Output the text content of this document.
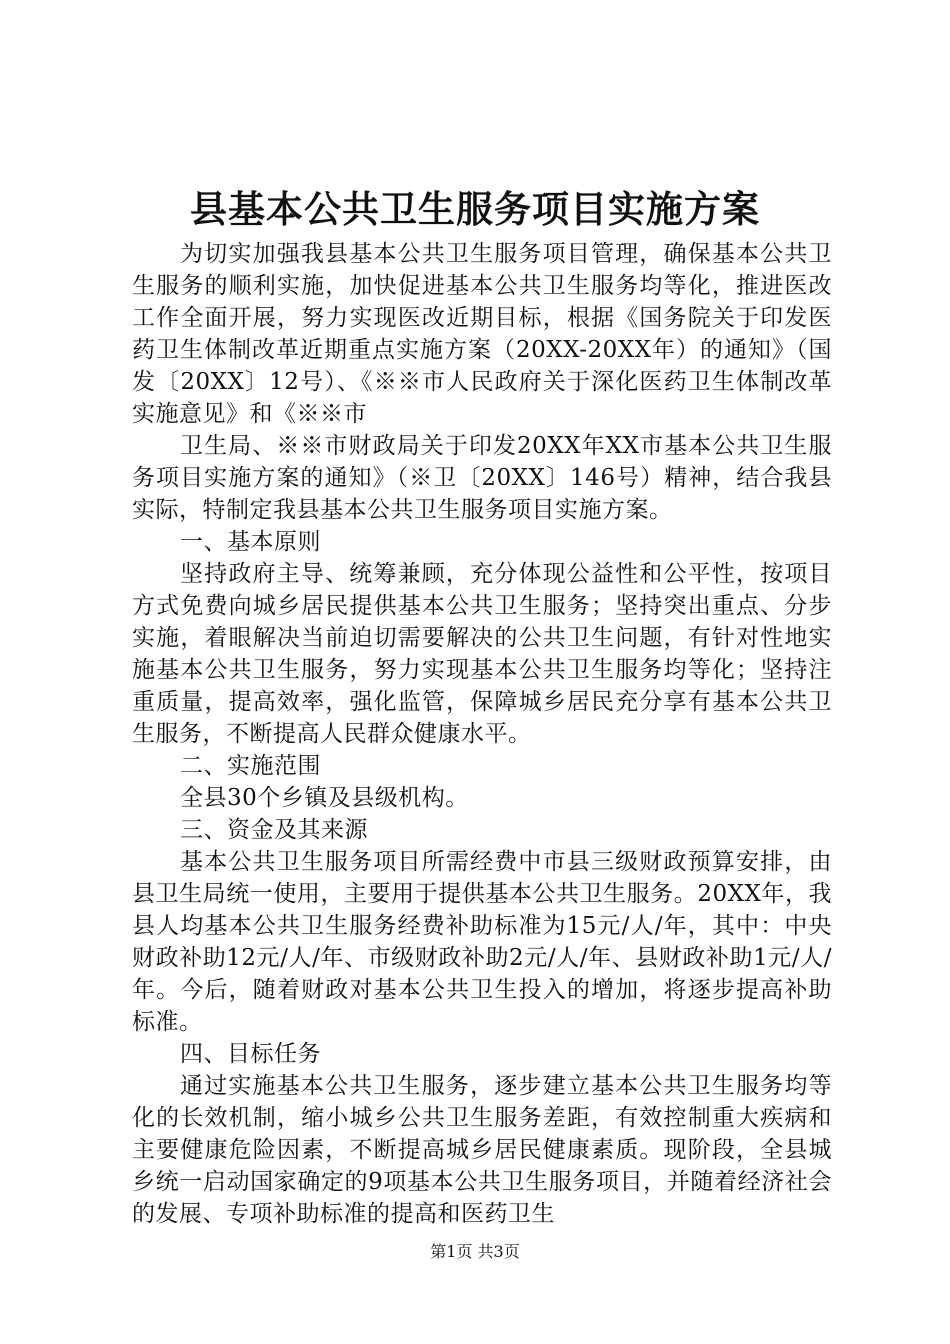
县基本公共卫生服务项目实施方案

为切实加强我县基本公共卫生服务项目管理，确保基本公共卫生服务的顺利实施，加快促进基本公共卫生服务均等化，推进医改工作全面开展，努力实现医改近期目标，根据《国务院关于印发医药卫生体制改革近期重点实施方案（20XX-20XX年）的通知》（国发〔20XX〕12号）、《※※市人民政府关于深化医药卫生体制改革实施意见》和《※※市

卫生局、※※市财政局关于印发20XX年XX市基本公共卫生服务项目实施方案的通知》（※卫〔20XX〕146号）精神，结合我县实际，特制定我县基本公共卫生服务项目实施方案。

一、基本原则

坚持政府主导、统筹兼顾，充分体现公益性和公平性，按项目方式免费向城乡居民提供基本公共卫生服务；坚持突出重点、分步实施，着眼解决当前迫切需要解决的公共卫生问题，有针对性地实施基本公共卫生服务，努力实现基本公共卫生服务均等化；坚持注重质量，提高效率，强化监管，保障城乡居民充分享有基本公共卫生服务，不断提高人民群众健康水平。

二、实施范围

全县30个乡镇及县级机构。

三、资金及其来源

基本公共卫生服务项目所需经费中市县三级财政预算安排，由县卫生局统一使用，主要用于提供基本公共卫生服务。20XX年，我县人均基本公共卫生服务经费补助标准为15元/人/年，其中：中央财政补助12元/人/年、市级财政补助2元/人/年、县财政补助1元/人/年。今后，随着财政对基本公共卫生投入的增加，将逐步提高补助标准。

四、目标任务

通过实施基本公共卫生服务，逐步建立基本公共卫生服务均等化的长效机制，缩小城乡公共卫生服务差距，有效控制重大疾病和主要健康危险因素，不断提高城乡居民健康素质。现阶段，全县城乡统一启动国家确定的9项基本公共卫生服务项目，并随着经济社会的发展、专项补助标准的提高和医药卫生

第1页 共3页
